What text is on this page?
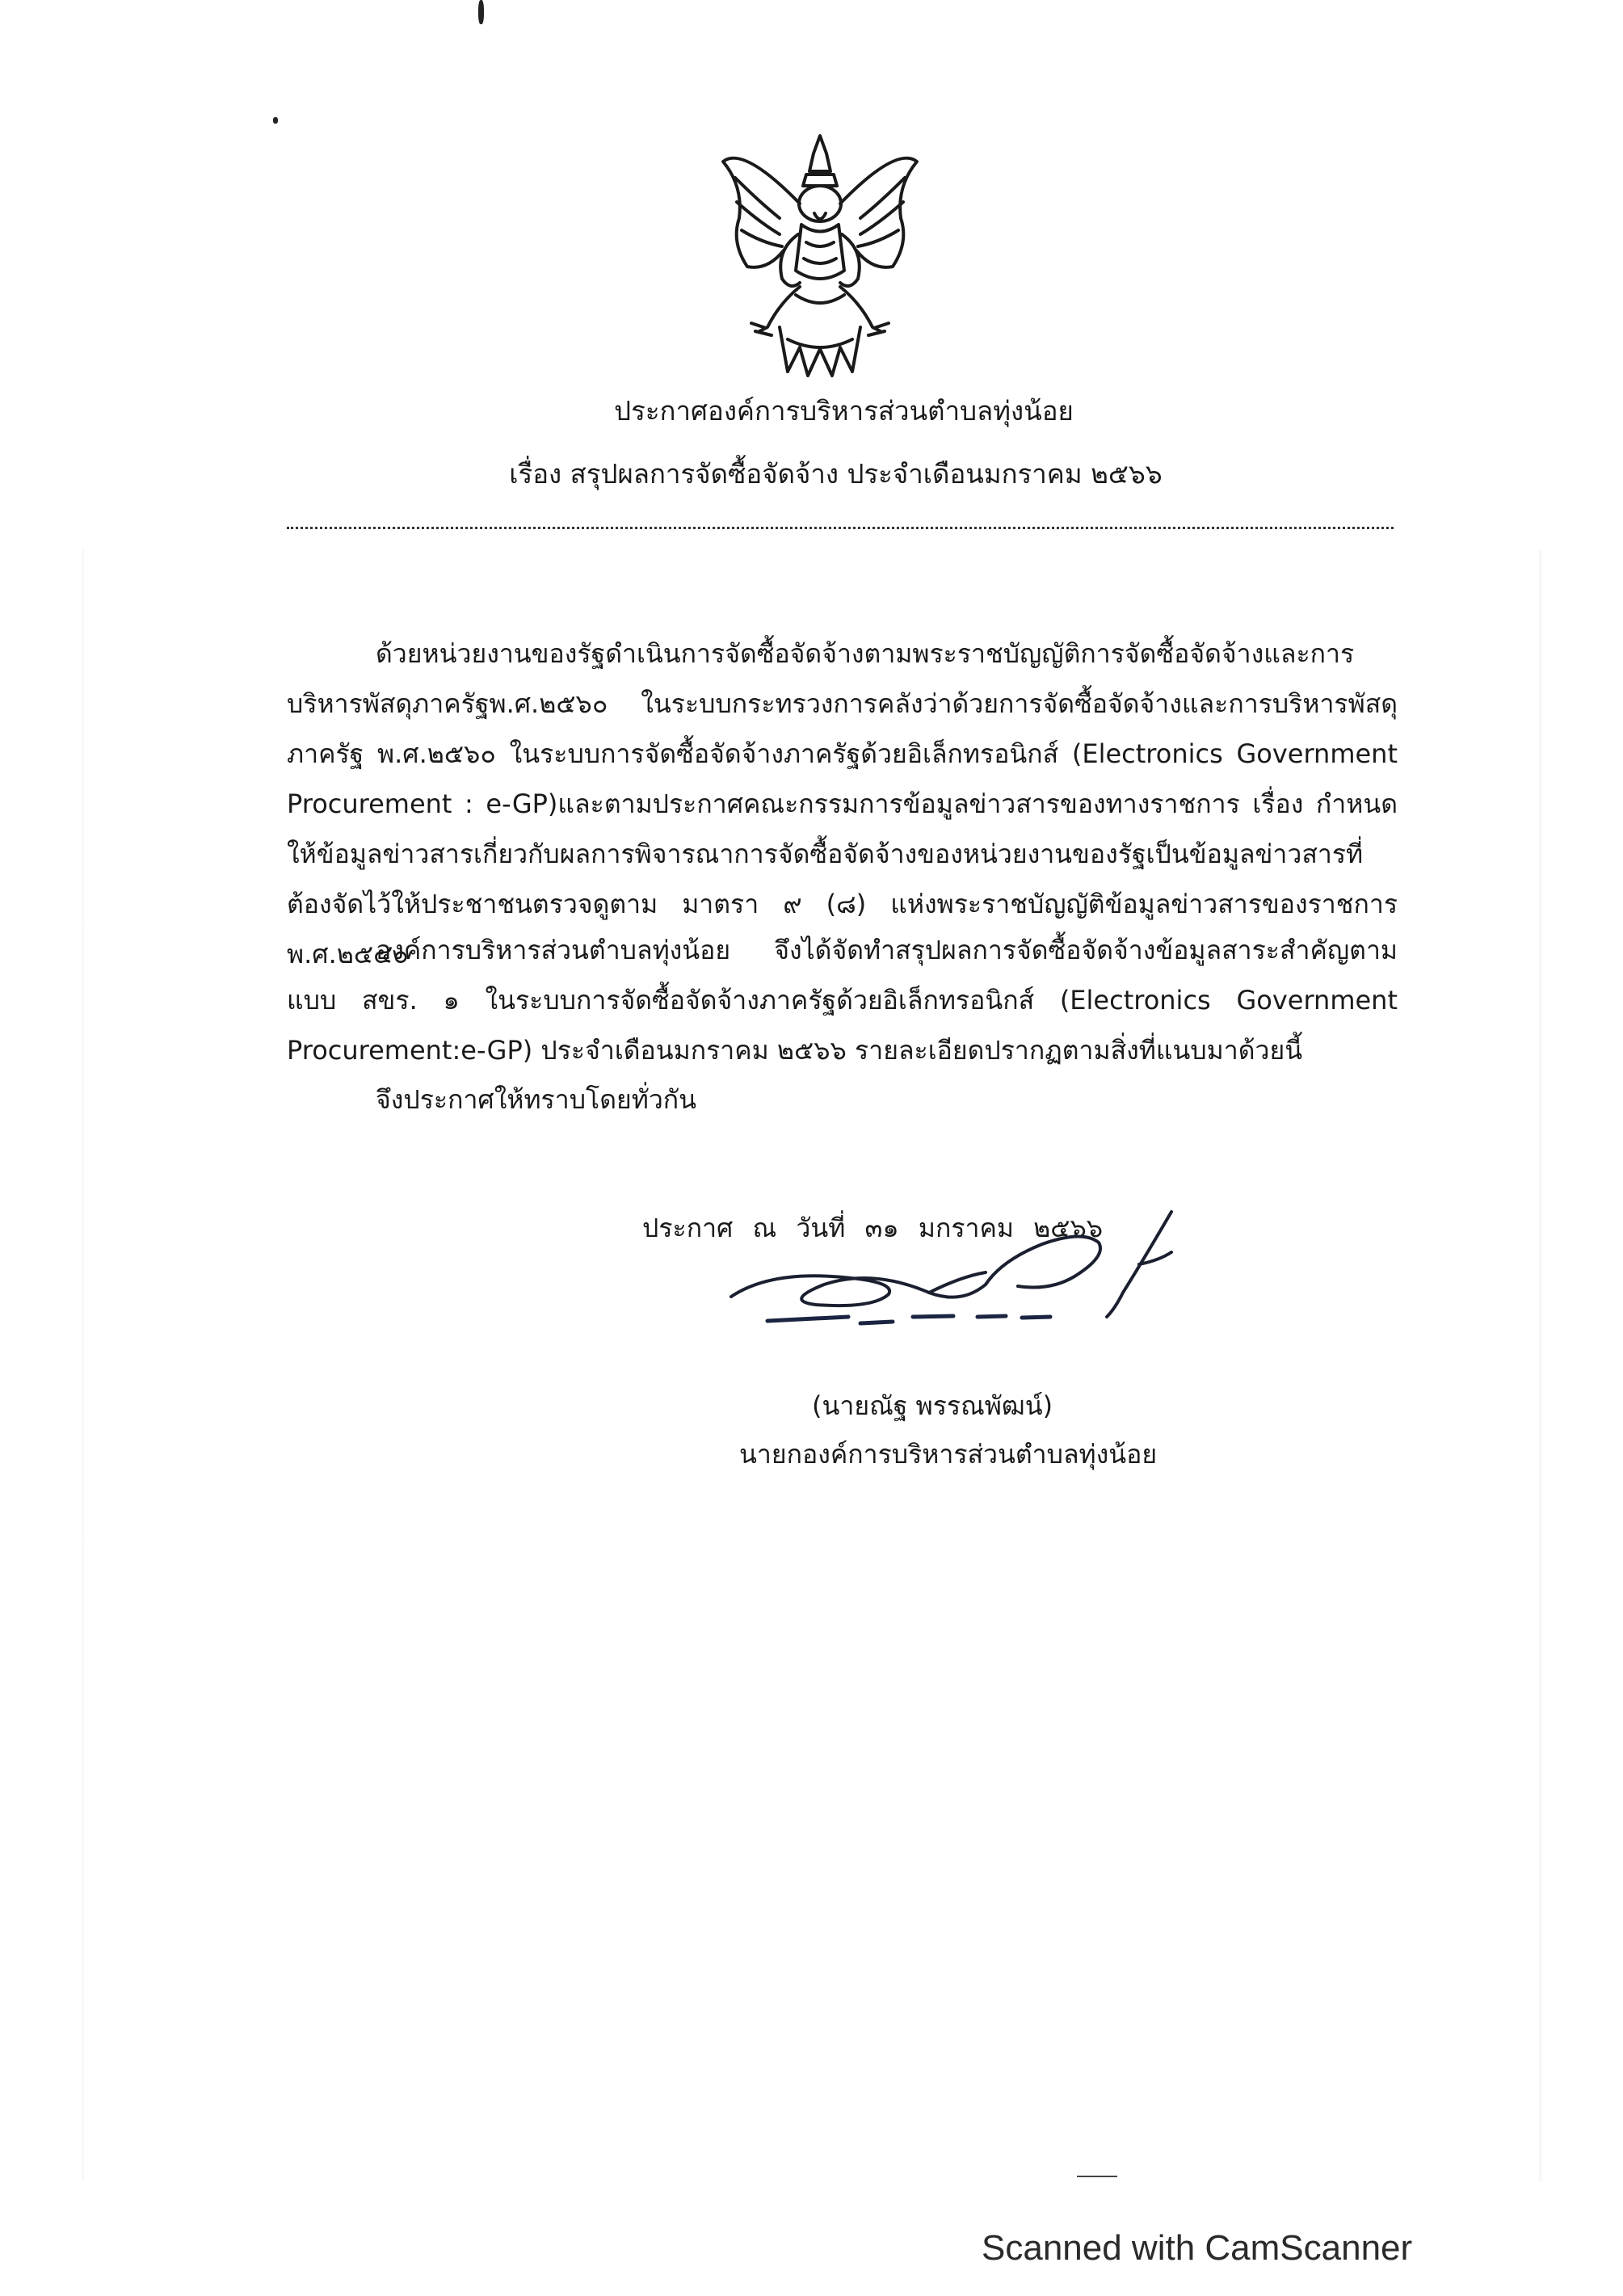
ประกาศองค์การบริหารส่วนตำบลทุ่งน้อย
เรื่อง สรุปผลการจัดซื้อจัดจ้าง ประจำเดือนมกราคม ๒๕๖๖
ด้วยหน่วยงานของรัฐดำเนินการจัดซื้อจัดจ้างตามพระราชบัญญัติการจัดซื้อจัดจ้างและการบริหารพัสดุภาครัฐพ.ศ.๒๕๖๐ ในระบบกระทรวงการคลังว่าด้วยการจัดซื้อจัดจ้างและการบริหารพัสดุภาครัฐ พ.ศ.๒๕๖๐ ในระบบการจัดซื้อจัดจ้างภาครัฐด้วยอิเล็กทรอนิกส์ (Electronics Government Procurement : e-GP)และตามประกาศคณะกรรมการข้อมูลข่าวสารของทางราชการ เรื่อง กำหนดให้ข้อมูลข่าวสารเกี่ยวกับผลการพิจารณาการจัดซื้อจัดจ้างของหน่วยงานของรัฐเป็นข้อมูลข่าวสารที่ต้องจัดไว้ให้ประชาชนตรวจดูตาม มาตรา ๙ (๘) แห่งพระราชบัญญัติข้อมูลข่าวสารของราชการ พ.ศ.๒๕๔๐
องค์การบริหารส่วนตำบลทุ่งน้อย จึงได้จัดทำสรุปผลการจัดซื้อจัดจ้างข้อมูลสาระสำคัญตามแบบ สขร. ๑ ในระบบการจัดซื้อจัดจ้างภาครัฐด้วยอิเล็กทรอนิกส์ (Electronics Government Procurement:e-GP) ประจำเดือนมกราคม ๒๕๖๖ รายละเอียดปรากฏตามสิ่งที่แนบมาด้วยนี้
จึงประกาศให้ทราบโดยทั่วกัน
ประกาศ ณ วันที่ ๓๑ มกราคม ๒๕๖๖
(นายณัฐ พรรณพัฒน์)
นายกองค์การบริหารส่วนตำบลทุ่งน้อย
Scanned with CamScanner
